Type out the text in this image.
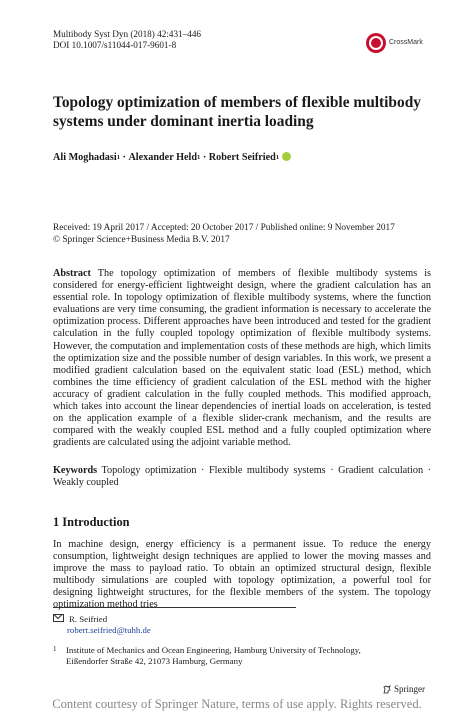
Multibody Syst Dyn (2018) 42:431–446
DOI 10.1007/s11044-017-9601-8	CrossMark
Topology optimization of members of flexible multibody systems under dominant inertia loading
Ali Moghadasi 1 · Alexander Held 1 · Robert Seifried 1
Received: 19 April 2017 / Accepted: 20 October 2017 / Published online: 9 November 2017
© Springer Science+Business Media B.V. 2017
Abstract The topology optimization of members of flexible multibody systems is considered for energy-efficient lightweight design, where the gradient calculation has an essential role. In topology optimization of flexible multibody systems, where the function evaluations are very time consuming, the gradient information is necessary to accelerate the optimization process. Different approaches have been introduced and tested for the gradient calculation in the fully coupled topology optimization of flexible multibody systems. However, the computation and implementation costs of these methods are high, which limits the optimization size and the possible number of design variables. In this work, we present a modified gradient calculation based on the equivalent static load (ESL) method, which combines the time efficiency of gradient calculation of the ESL method with the higher accuracy of gradient calculation in the fully coupled methods. This modified approach, which takes into account the linear dependencies of inertial loads on acceleration, is tested on the application example of a flexible slider-crank mechanism, and the results are compared with the weakly coupled ESL method and a fully coupled optimization where gradients are calculated using the adjoint variable method.
Keywords Topology optimization · Flexible multibody systems · Gradient calculation · Weakly coupled
1 Introduction
In machine design, energy efficiency is a permanent issue. To reduce the energy consumption, lightweight design techniques are applied to lower the moving masses and improve the mass to payload ratio. To obtain an optimized structural design, flexible multibody simulations are coupled with topology optimization, a powerful tool for designing lightweight structures, for the flexible members of the system. The topology optimization method tries
R. Seifried
robert.seifried@tuhh.de
1 Institute of Mechanics and Ocean Engineering, Hamburg University of Technology,
Eißendorfer Straße 42, 21073 Hamburg, Germany
Springer
Content courtesy of Springer Nature, terms of use apply. Rights reserved.
